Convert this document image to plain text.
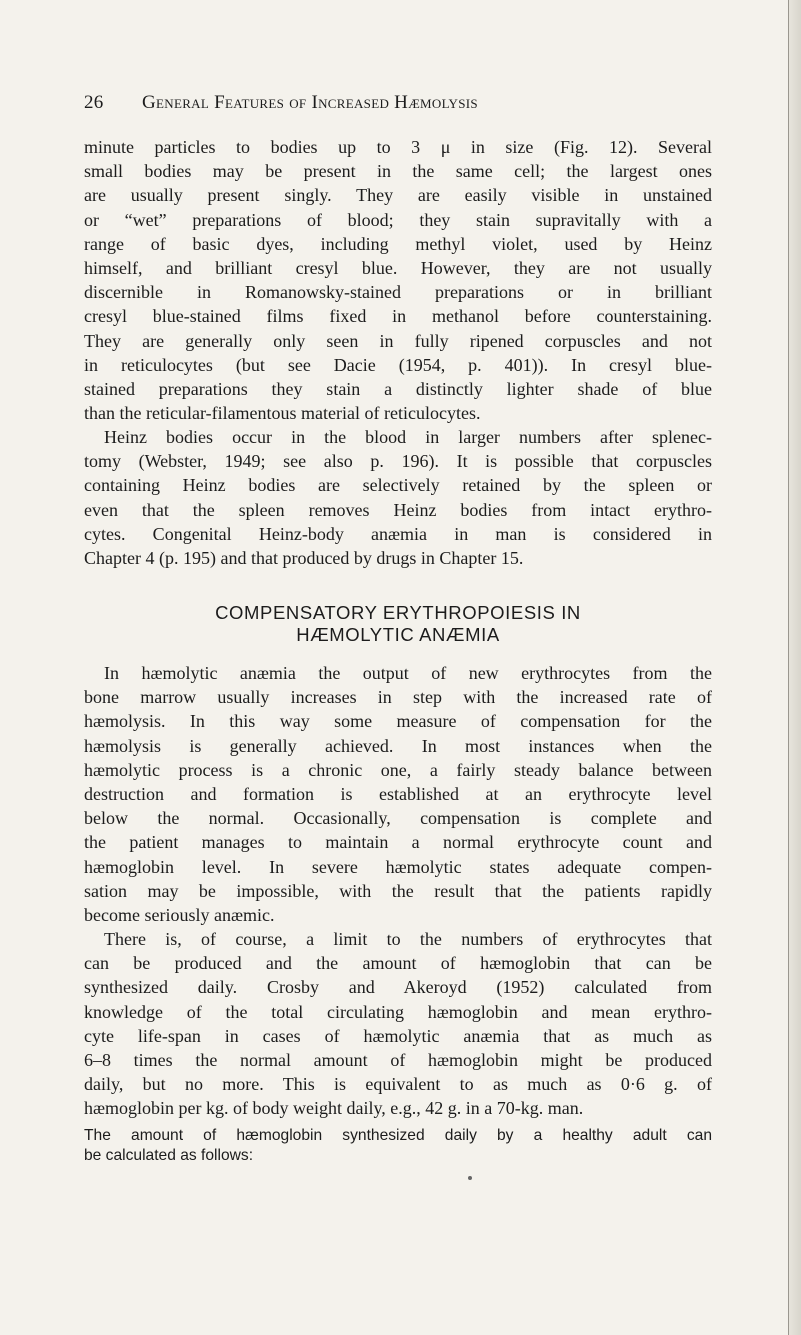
26 General Features of Increased Hæmolysis
minute particles to bodies up to 3 μ in size (Fig. 12). Several
small bodies may be present in the same cell; the largest ones
are usually present singly. They are easily visible in unstained
or “wet” preparations of blood; they stain supravitally with a
range of basic dyes, including methyl violet, used by Heinz
himself, and brilliant cresyl blue. However, they are not usually
discernible in Romanowsky-stained preparations or in brilliant
cresyl blue-stained films fixed in methanol before counterstaining.
They are generally only seen in fully ripened corpuscles and not
in reticulocytes (but see Dacie (1954, p. 401)). In cresyl blue-
stained preparations they stain a distinctly lighter shade of blue
than the reticular-filamentous material of reticulocytes.
Heinz bodies occur in the blood in larger numbers after splenec-
tomy (Webster, 1949; see also p. 196). It is possible that corpuscles
containing Heinz bodies are selectively retained by the spleen or
even that the spleen removes Heinz bodies from intact erythro-
cytes. Congenital Heinz-body anæmia in man is considered in
Chapter 4 (p. 195) and that produced by drugs in Chapter 15.
COMPENSATORY ERYTHROPOIESIS IN
HÆMOLYTIC ANÆMIA
In hæmolytic anæmia the output of new erythrocytes from the
bone marrow usually increases in step with the increased rate of
hæmolysis. In this way some measure of compensation for the
hæmolysis is generally achieved. In most instances when the
hæmolytic process is a chronic one, a fairly steady balance between
destruction and formation is established at an erythrocyte level
below the normal. Occasionally, compensation is complete and
the patient manages to maintain a normal erythrocyte count and
hæmoglobin level. In severe hæmolytic states adequate compen-
sation may be impossible, with the result that the patients rapidly
become seriously anæmic.
There is, of course, a limit to the numbers of erythrocytes that
can be produced and the amount of hæmoglobin that can be
synthesized daily. Crosby and Akeroyd (1952) calculated from
knowledge of the total circulating hæmoglobin and mean erythro-
cyte life-span in cases of hæmolytic anæmia that as much as
6–8 times the normal amount of hæmoglobin might be produced
daily, but no more. This is equivalent to as much as 0·6 g. of
hæmoglobin per kg. of body weight daily, e.g., 42 g. in a 70-kg. man.
The amount of hæmoglobin synthesized daily by a healthy adult can
be calculated as follows:
